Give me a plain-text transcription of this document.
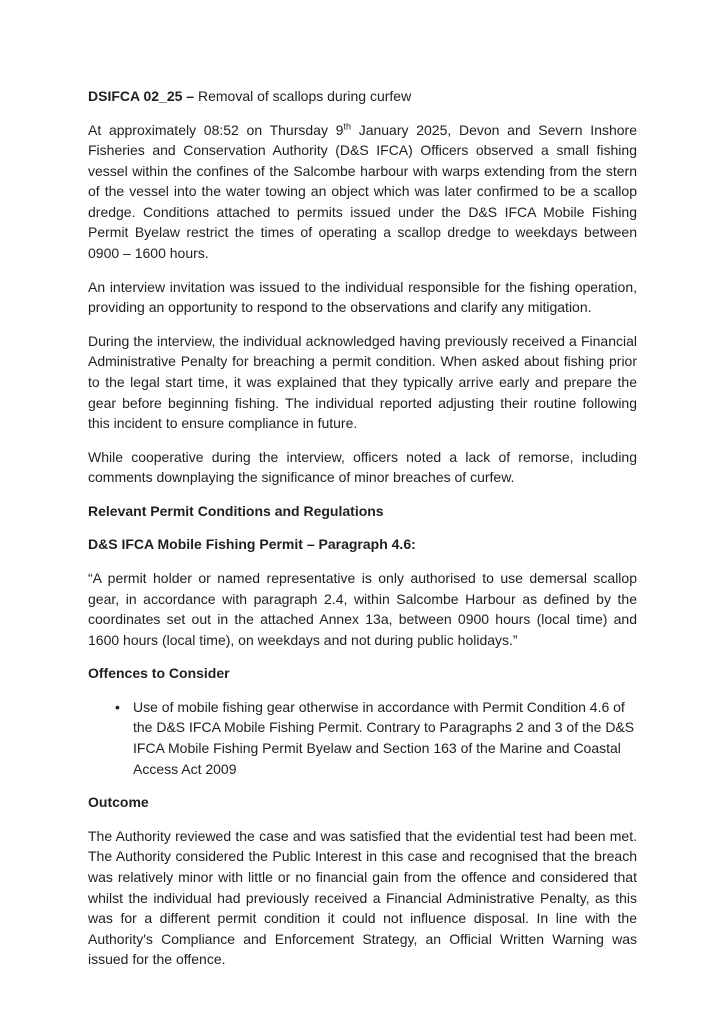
DSIFCA 02_25 – Removal of scallops during curfew

At approximately 08:52 on Thursday 9th January 2025, Devon and Severn Inshore Fisheries and Conservation Authority (D&S IFCA) Officers observed a small fishing vessel within the confines of the Salcombe harbour with warps extending from the stern of the vessel into the water towing an object which was later confirmed to be a scallop dredge. Conditions attached to permits issued under the D&S IFCA Mobile Fishing Permit Byelaw restrict the times of operating a scallop dredge to weekdays between 0900 – 1600 hours.

An interview invitation was issued to the individual responsible for the fishing operation, providing an opportunity to respond to the observations and clarify any mitigation.

During the interview, the individual acknowledged having previously received a Financial Administrative Penalty for breaching a permit condition. When asked about fishing prior to the legal start time, it was explained that they typically arrive early and prepare the gear before beginning fishing. The individual reported adjusting their routine following this incident to ensure compliance in future.

While cooperative during the interview, officers noted a lack of remorse, including comments downplaying the significance of minor breaches of curfew.

Relevant Permit Conditions and Regulations

D&S IFCA Mobile Fishing Permit – Paragraph 4.6:

“A permit holder or named representative is only authorised to use demersal scallop gear, in accordance with paragraph 2.4, within Salcombe Harbour as defined by the coordinates set out in the attached Annex 13a, between 0900 hours (local time) and 1600 hours (local time), on weekdays and not during public holidays.”

Offences to Consider

• Use of mobile fishing gear otherwise in accordance with Permit Condition 4.6 of the D&S IFCA Mobile Fishing Permit. Contrary to Paragraphs 2 and 3 of the D&S IFCA Mobile Fishing Permit Byelaw and Section 163 of the Marine and Coastal Access Act 2009

Outcome

The Authority reviewed the case and was satisfied that the evidential test had been met. The Authority considered the Public Interest in this case and recognised that the breach was relatively minor with little or no financial gain from the offence and considered that whilst the individual had previously received a Financial Administrative Penalty, as this was for a different permit condition it could not influence disposal. In line with the Authority's Compliance and Enforcement Strategy, an Official Written Warning was issued for the offence.
